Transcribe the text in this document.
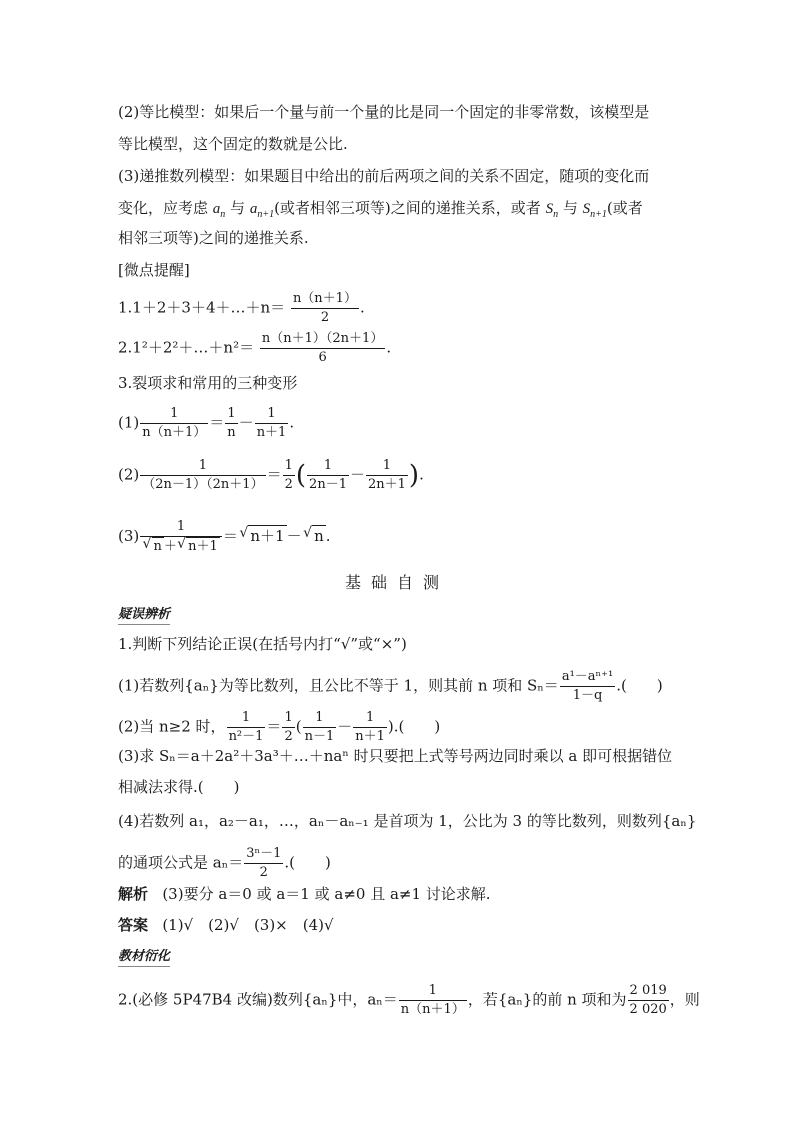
(2)等比模型：如果后一个量与前一个量的比是同一个固定的非零常数，该模型是
等比模型，这个固定的数就是公比.
(3)递推数列模型：如果题目中给出的前后两项之间的关系不固定，随项的变化而
变化，应考虑 $a_n$ 与 $a_{n+1}$(或者相邻三项等)之间的递推关系，或者 $S_n$ 与 $S_{n+1}$(或者
相邻三项等)之间的递推关系.
[微点提醒]
1.1＋2＋3＋4＋…＋n＝ $\frac{n(n+1)}{2}$ .
2.1²＋2²＋…＋n²＝ $\frac{n(n+1)(2n+1)}{6}$ .
3.裂项求和常用的三种变形
$(1) \frac{1}{n(n+1)} = \frac{1}{n} - \frac{1}{n+1}$ .
$(2) \frac{1}{(2n-1)(2n+1)} = \frac{1}{2}$ ( $\frac{1}{2n-1} - \frac{1}{2n+1}$ ).
(3) 1
√ n ＋  √ n＋1 ＝  √ n＋1 －  √ n .
基础自测
疑误辨析
1.判断下列结论正误(在括号内打“√”或“×”)
(1)若数列{aₙ}为等比数列，且公比不等于 1，则其前 n 项和 $S_n= \frac{\text{a¹－aⁿ⁺¹}}{1-q}$ .(　　)
(2)当 n≥2 时， $\frac{1}{\text{n²－1}} = \frac{1}{2}$ ( $\frac{1}{n-1} - \frac{1}{n+1}$ ).(　　)
(3)求 Sₙ＝a＋2a²＋3a³＋…＋naⁿ 时只要把上式等号两边同时乘以 a 即可根据错位
相减法求得.(　　)
(4)若数列 a₁，a₂－a₁，…，aₙ－aₙ₋₁ 是首项为 1，公比为 3 的等比数列，则数列{aₙ}
的通项公式是 $a_n= \frac{\text{3ⁿ－1}}{2}$ .(　　)
解析 (3)要分 a＝0 或 a＝1 或 a≠0 且 a≠1 讨论求解.
答案 (1)√　(2)√　(3)×　(4)√
教材衍化
2.(必修 5P47B4 改编)数列{aₙ}中，$a_n= \frac{1}{n(n+1)}$ ，若{aₙ}的前 n 项和为 $\frac{2 019}{2 020}$ ，则
